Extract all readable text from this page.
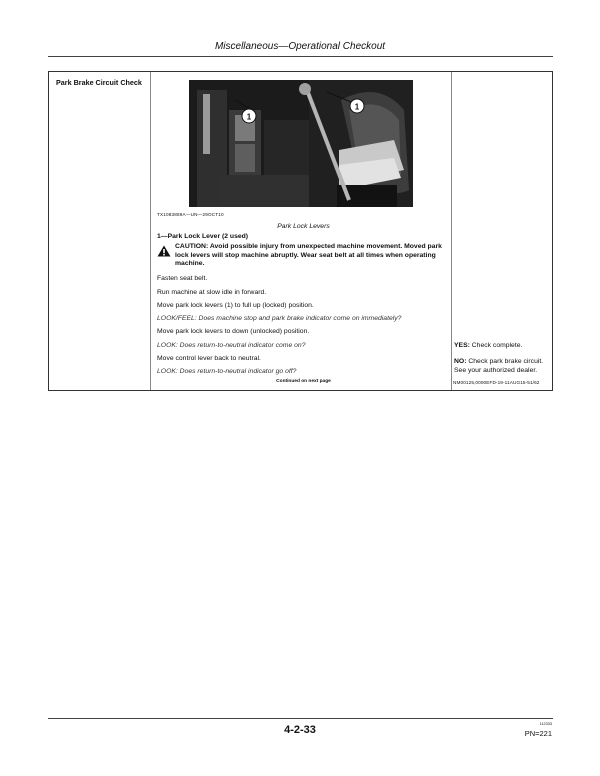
Miscellaneous—Operational Checkout
Park Brake Circuit Check
1
1
TX1083889A—UN—29OCT10
Park Lock Levers
1—Park Lock Lever (2 used)
CAUTION: Avoid possible injury from unexpected machine movement. Moved park lock levers will stop machine abruptly. Wear seat belt at all times when operating machine.
Fasten seat belt.
Run machine at slow idle in forward.
Move park lock levers (1) to full up (locked) position.
LOOK/FEEL: Does machine stop and park brake indicator come on immediately?
Move park lock levers to down (unlocked) position.
LOOK: Does return-to-neutral indicator come on?
Move control lever back to neutral.
LOOK: Does return-to-neutral indicator go off?
YES: Check complete.
NO: Check park brake circuit. See your authorized dealer.
Continued on next page	NM00125,0000EFD-19-11AUG15-51/62
4-2-33	112333
PN=221
